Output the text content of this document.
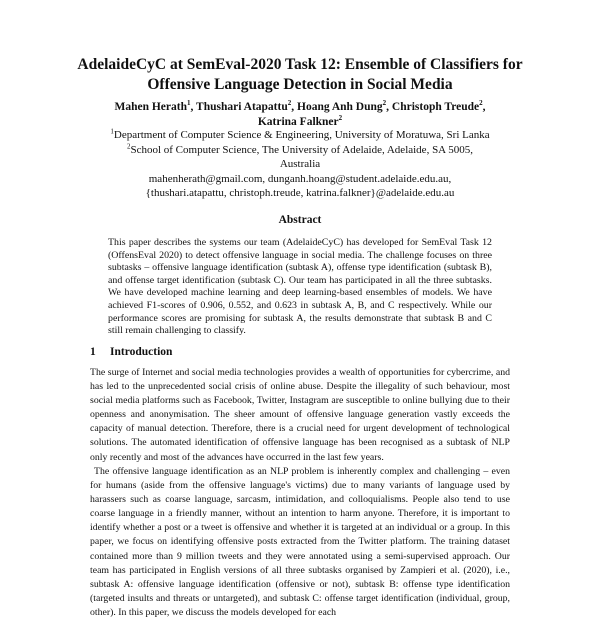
AdelaideCyC at SemEval-2020 Task 12: Ensemble of Classifiers for
Offensive Language Detection in Social Media
Mahen Herath$^1$, Thushari Atapattu$^2$, Hoang Anh Dung$^2$, Christoph Treude$^2$,
Katrina Falkner$^2$
$^1$Department of Computer Science & Engineering, University of Moratuwa, Sri Lanka
$^2$School of Computer Science, The University of Adelaide, Adelaide, SA 5005,
Australia
mahenherath@gmail.com, dunganh.hoang@student.adelaide.edu.au,
{thushari.atapattu, christoph.treude, katrina.falkner}@adelaide.edu.au
Abstract
This paper describes the systems our team (AdelaideCyC) has developed for SemEval Task 12 (OffensEval 2020) to detect offensive language in social media. The challenge focuses on three subtasks – offensive language identification (subtask A), offense type identification (subtask B), and offense target identification (subtask C). Our team has participated in all the three subtasks. We have developed machine learning and deep learning-based ensembles of models. We have achieved F1-scores of 0.906, 0.552, and 0.623 in subtask A, B, and C respectively. While our performance scores are promising for subtask A, the results demonstrate that subtask B and C still remain challenging to classify.
1 Introduction
The surge of Internet and social media technologies provides a wealth of opportunities for cybercrime, and has led to the unprecedented social crisis of online abuse. Despite the illegality of such behaviour, most social media platforms such as Facebook, Twitter, Instagram are susceptible to online bullying due to their openness and anonymisation. The sheer amount of offensive language generation vastly exceeds the capacity of manual detection. Therefore, there is a crucial need for urgent development of technological solutions. The automated identification of offensive language has been recognised as a subtask of NLP only recently and most of the advances have occurred in the last few years.
The offensive language identification as an NLP problem is inherently complex and challenging – even for humans (aside from the offensive language's victims) due to many variants of language used by harassers such as coarse language, sarcasm, intimidation, and colloquialisms. People also tend to use coarse language in a friendly manner, without an intention to harm anyone. Therefore, it is important to identify whether a post or a tweet is offensive and whether it is targeted at an individual or a group. In this paper, we focus on identifying offensive posts extracted from the Twitter platform. The training dataset contained more than 9 million tweets and they were annotated using a semi-supervised approach. Our team has participated in English versions of all three subtasks organised by Zampieri et al. (2020), i.e., subtask A: offensive language identification (offensive or not), subtask B: offense type identification (targeted insults and threats or untargeted), and subtask C: offense target identification (individual, group, other). In this paper, we discuss the models developed for each
